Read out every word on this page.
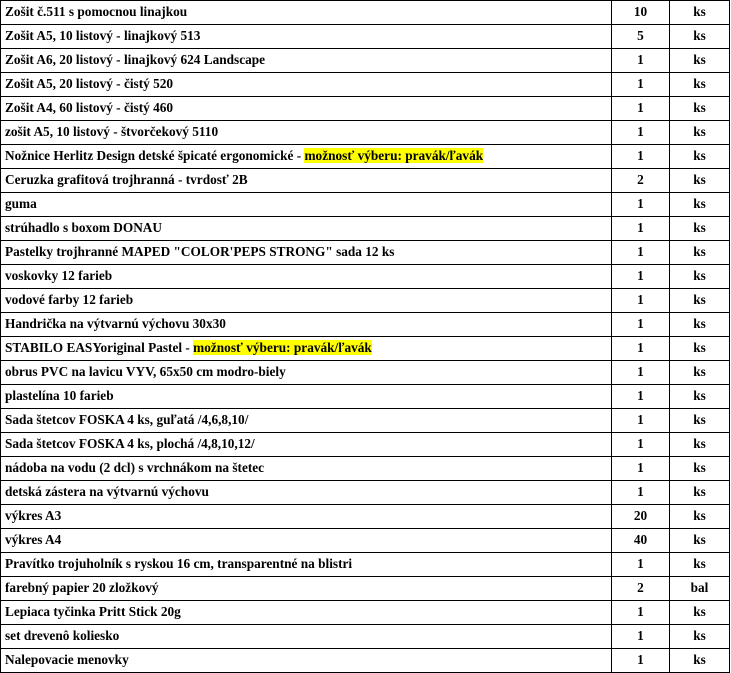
Zošit č.511 s pomocnou linajkou	10	ks
Zošit A5, 10 listový - linajkový 513	5	ks
Zošit A6, 20 listový - linajkový 624 Landscape	1	ks
Zošit A5, 20 listový - čistý 520	1	ks
Zošit A4, 60 listový - čistý 460	1	ks
zošit A5, 10 listový - štvorčekový 5110	1	ks
Nožnice Herlitz Design detské špicaté ergonomické - možnosť výberu: pravák/ľavák	1	ks
Ceruzka grafitová trojhranná - tvrdosť 2B	2	ks
guma	1	ks
strúhadlo s boxom DONAU	1	ks
Pastelky trojhranné MAPED "COLOR'PEPS STRONG" sada 12 ks	1	ks
voskovky 12 farieb	1	ks
vodové farby 12 farieb	1	ks
Handrička na výtvarnú výchovu 30x30	1	ks
STABILO EASYoriginal Pastel - možnosť výberu: pravák/ľavák	1	ks
obrus PVC na lavicu VYV, 65x50 cm modro-biely	1	ks
plastelína 10 farieb	1	ks
Sada štetcov FOSKA 4 ks, guľatá /4,6,8,10/	1	ks
Sada štetcov FOSKA 4 ks, plochá /4,8,10,12/	1	ks
nádoba na vodu (2 dcl) s vrchnákom na štetec	1	ks
detská zástera na výtvarnú výchovu	1	ks
výkres A3	20	ks
výkres A4	40	ks
Pravítko trojuholník s ryskou 16 cm, transparentné na blistri	1	ks
farebný papier 20 zložkový	2	bal
Lepiaca tyčinka Pritt Stick 20g	1	ks
set drevenô koliesko	1	ks
Nalepovacie menovky	1	ks
